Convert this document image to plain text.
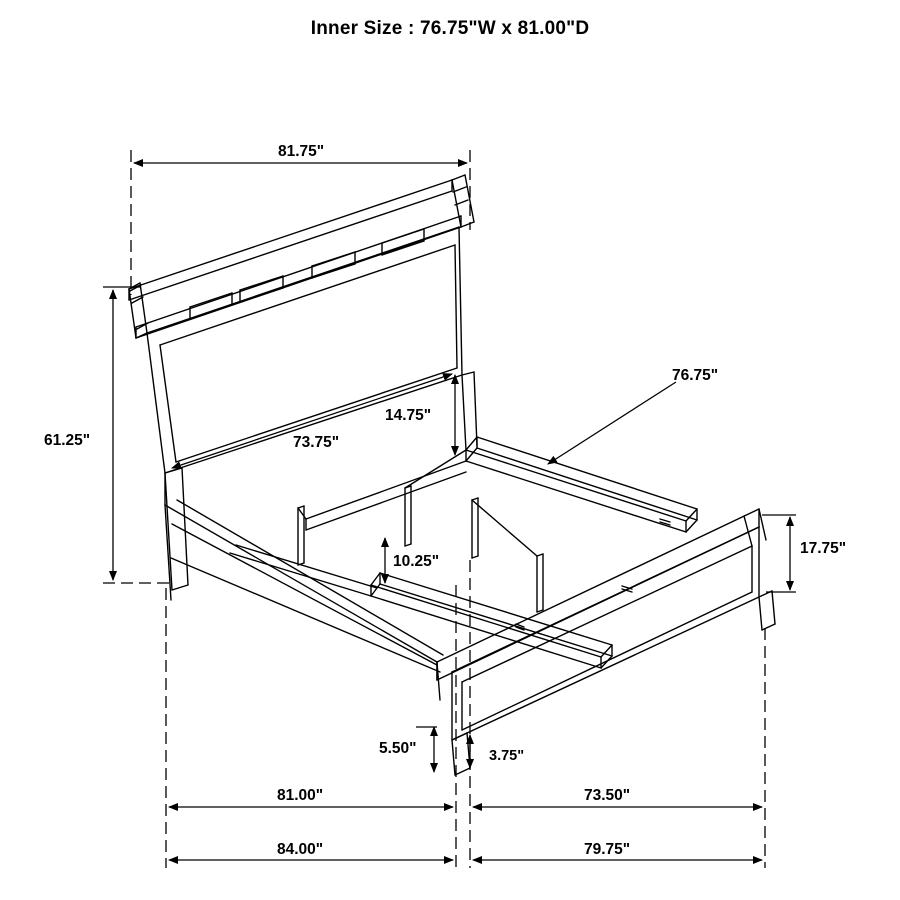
Inner Size : 76.75"W x 81.00"D
81.75"
61.25"	73.75"
14.75"
76.75"
17.75"
10.25"
5.50"	3.75"
81.00"	73.50"
84.00"	79.75"
